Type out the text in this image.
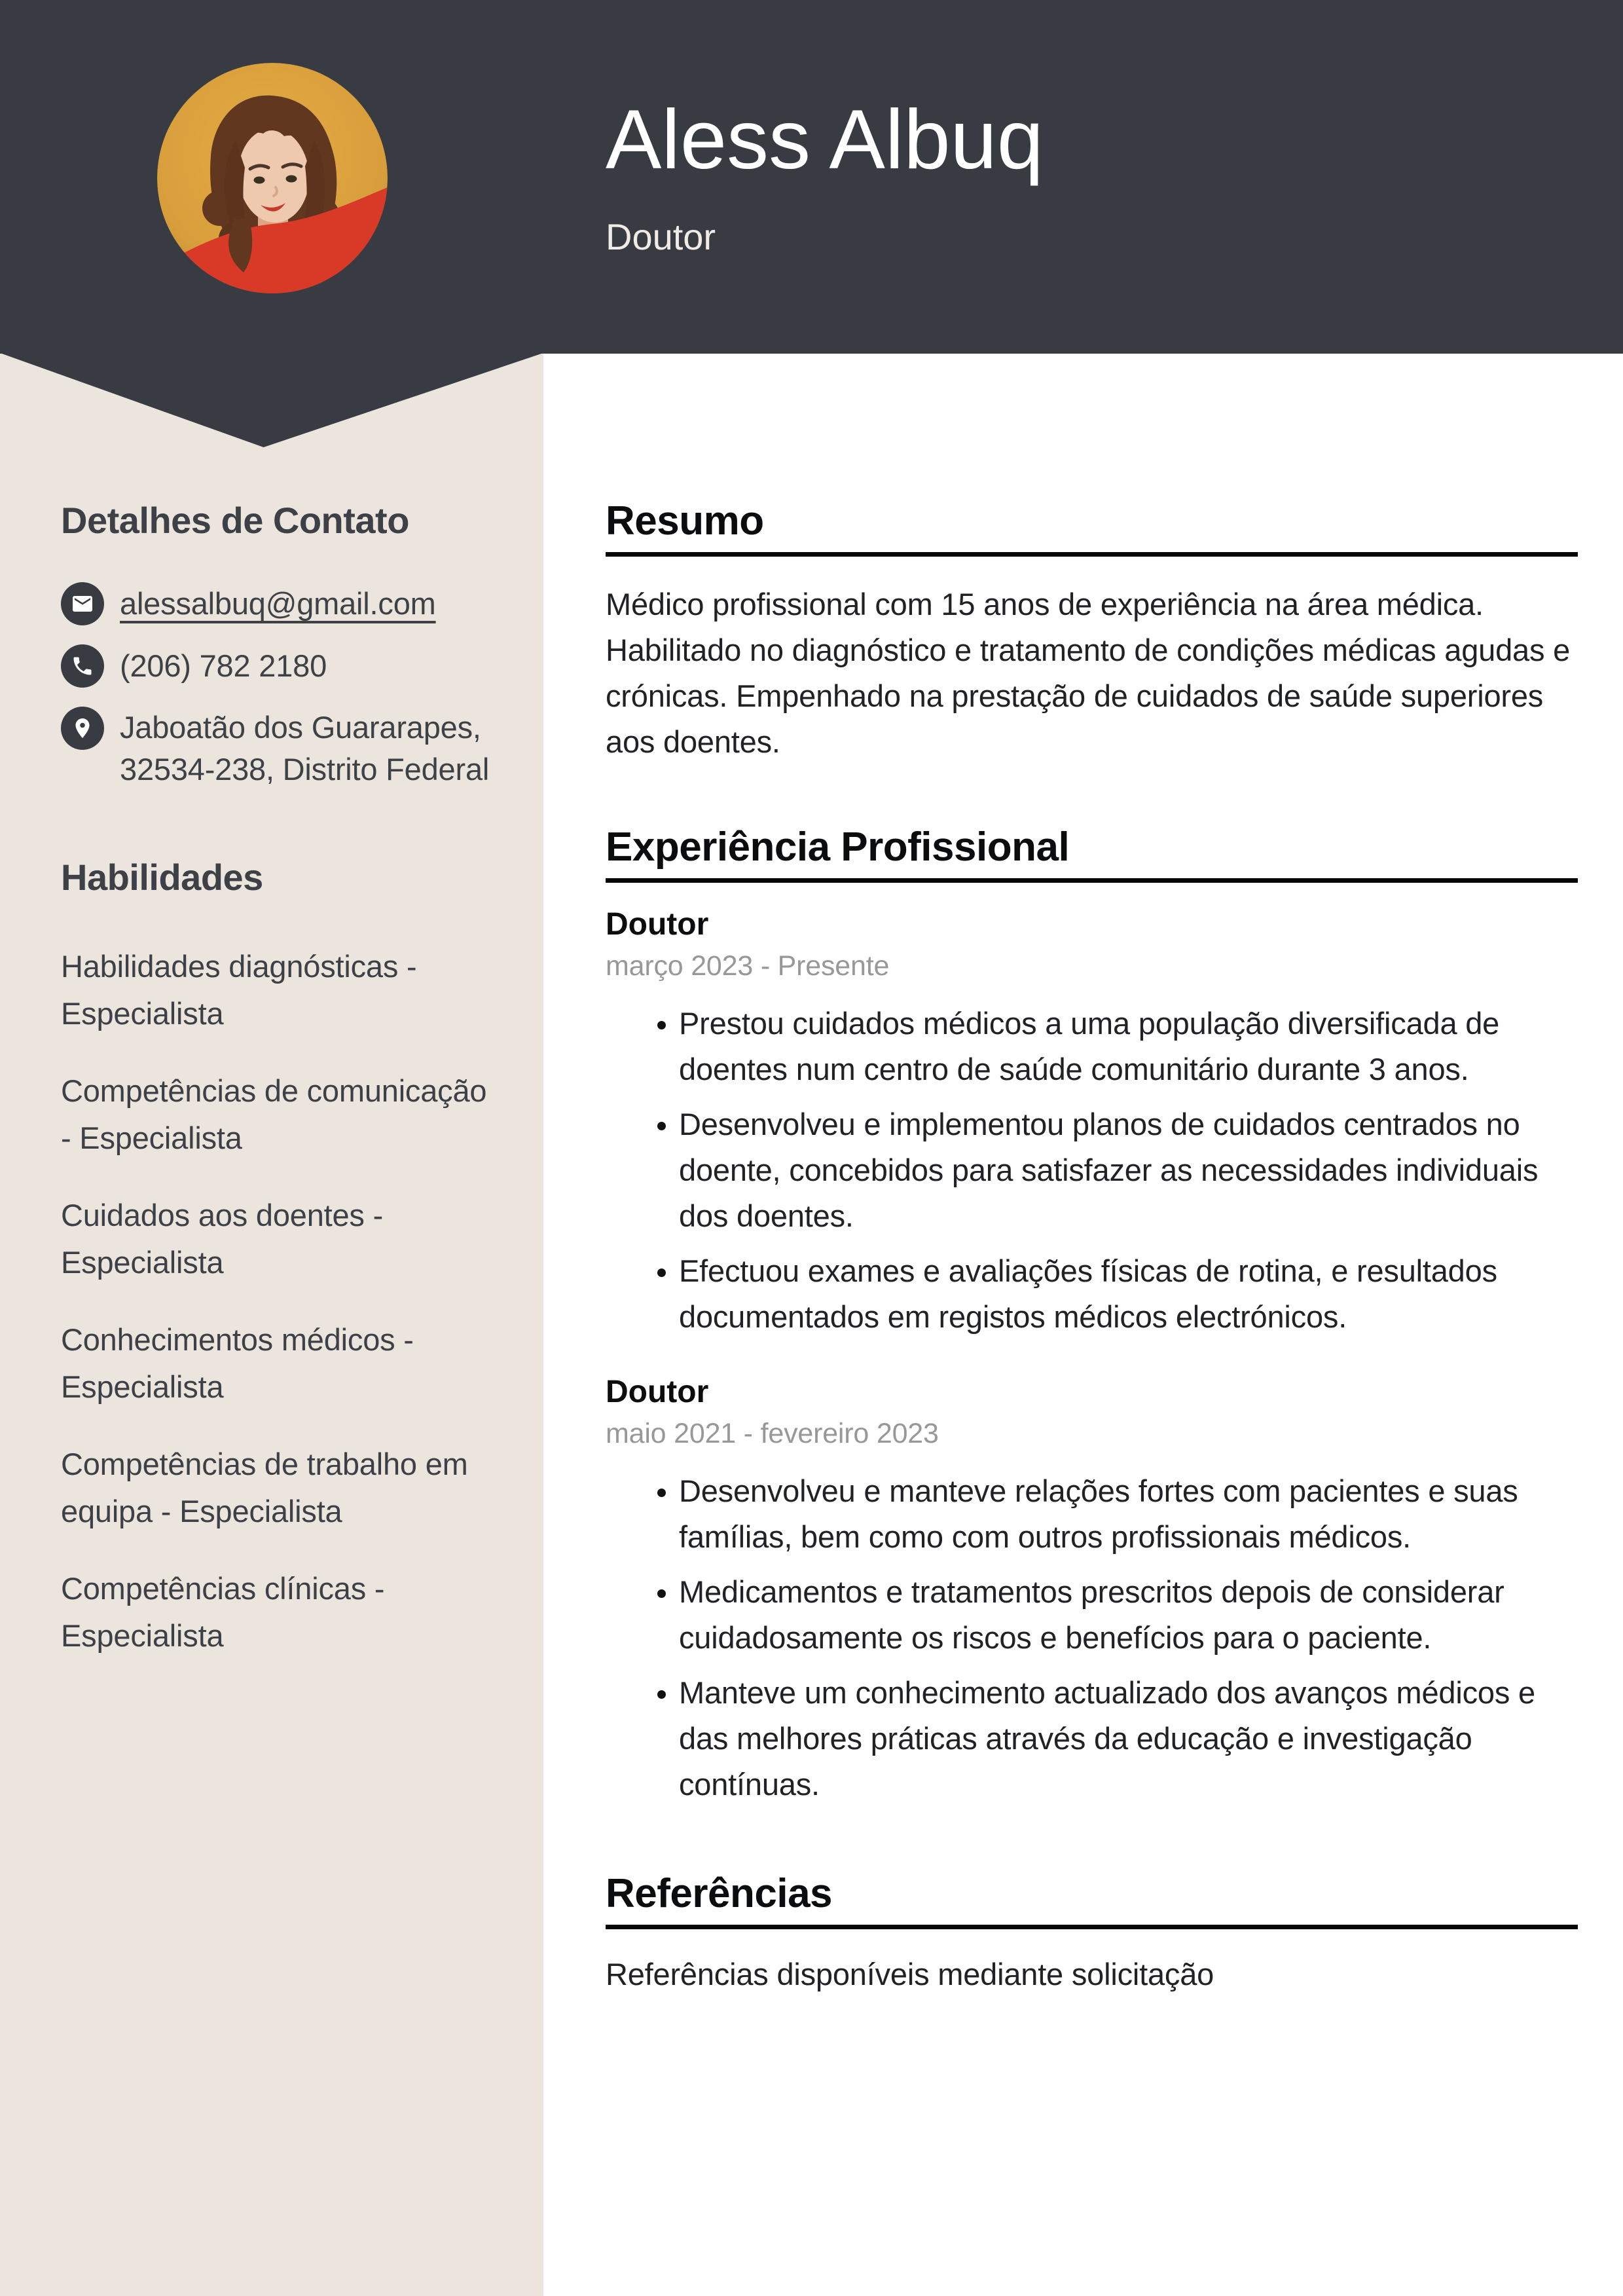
Aless Albuq
Doutor
Detalhes de Contato
alessalbuq@gmail.com
(206) 782 2180
Jaboatão dos Guararapes,
32534-238, Distrito Federal
Habilidades
Habilidades diagnósticas - Especialista
Competências de comunicação - Especialista
Cuidados aos doentes - Especialista
Conhecimentos médicos - Especialista
Competências de trabalho em equipa - Especialista
Competências clínicas - Especialista
Resumo

Médico profissional com 15 anos de experiência na área médica. Habilitado no diagnóstico e tratamento de condições médicas agudas e crónicas. Empenhado na prestação de cuidados de saúde superiores aos doentes.

Experiência Profissional
Doutor
março 2023 - Presente
• Prestou cuidados médicos a uma população diversificada de doentes num centro de saúde comunitário durante 3 anos.
• Desenvolveu e implementou planos de cuidados centrados no doente, concebidos para satisfazer as necessidades individuais dos doentes.
• Efectuou exames e avaliações físicas de rotina, e resultados documentados em registos médicos electrónicos.
Doutor
maio 2021 - fevereiro 2023
• Desenvolveu e manteve relações fortes com pacientes e suas famílias, bem como com outros profissionais médicos.
• Medicamentos e tratamentos prescritos depois de considerar cuidadosamente os riscos e benefícios para o paciente.
• Manteve um conhecimento actualizado dos avanços médicos e das melhores práticas através da educação e investigação contínuas.
Referências

Referências disponíveis mediante solicitação
